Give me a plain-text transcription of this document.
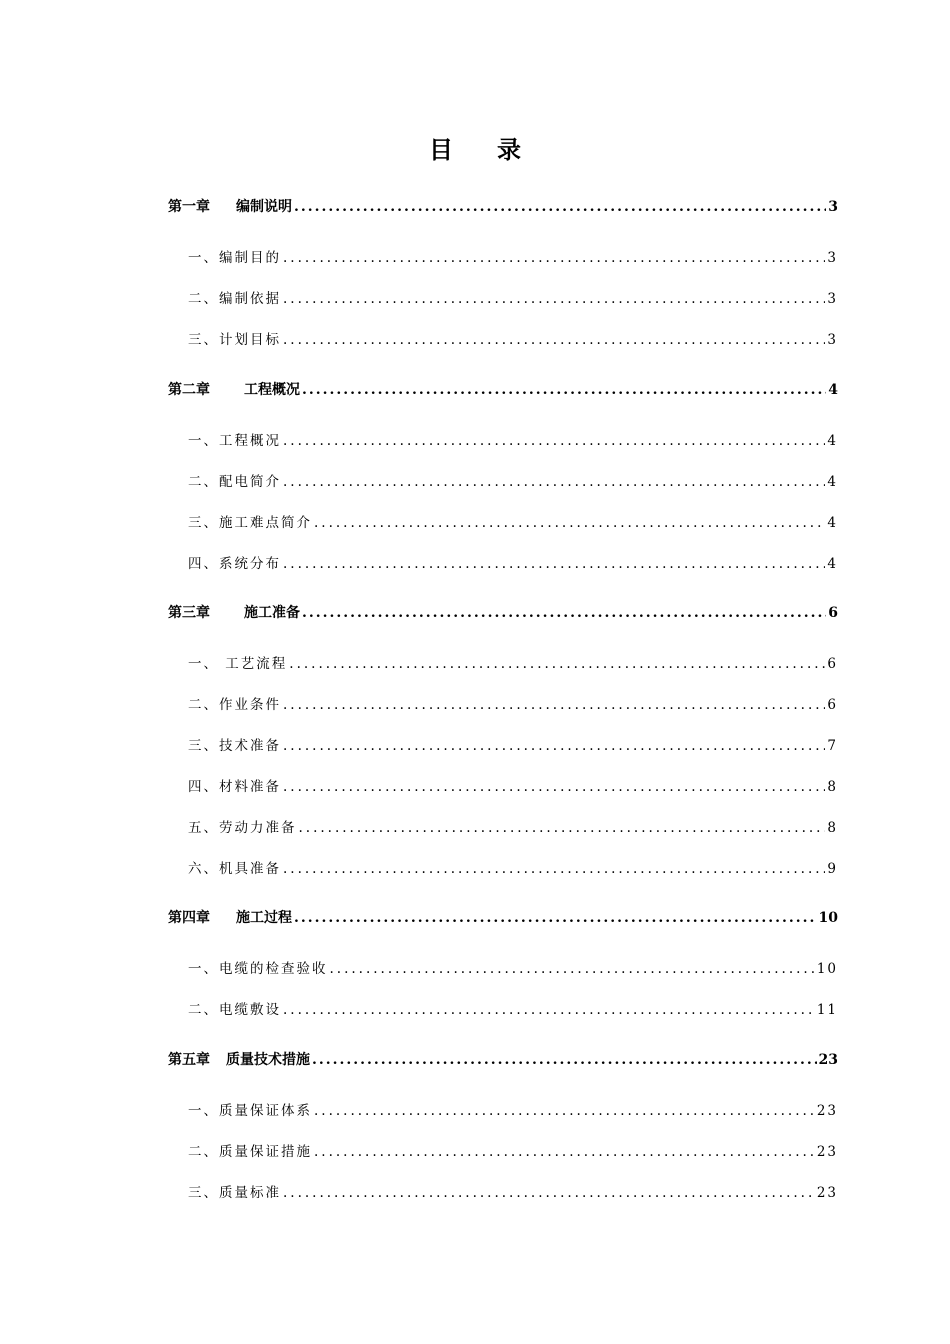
目 录
第一章 编制说明 .....	3
一、编制目的 .....	3
二、编制依据 .....	3
三、计划目标 .....	3
第二章 工程概况 .....	4
一、工程概况 .....	4
二、配电简介 .....	4
三、施工难点简介 .....	4
四、系统分布 .....	4
第三章 施工准备 .....	6
一、 工艺流程 .....	6
二、作业条件 .....	6
三、技术准备 .....	7
四、材料准备 .....	8
五、劳动力准备 .....	8
六、机具准备 .....	9
第四章 施工过程 .....	10
一、电缆的检查验收 .....	10
二、电缆敷设 .....	11
第五章 质量技术措施 .....	23
一、质量保证体系 .....	23
二、质量保证措施 .....	23
三、质量标准 .....	23
